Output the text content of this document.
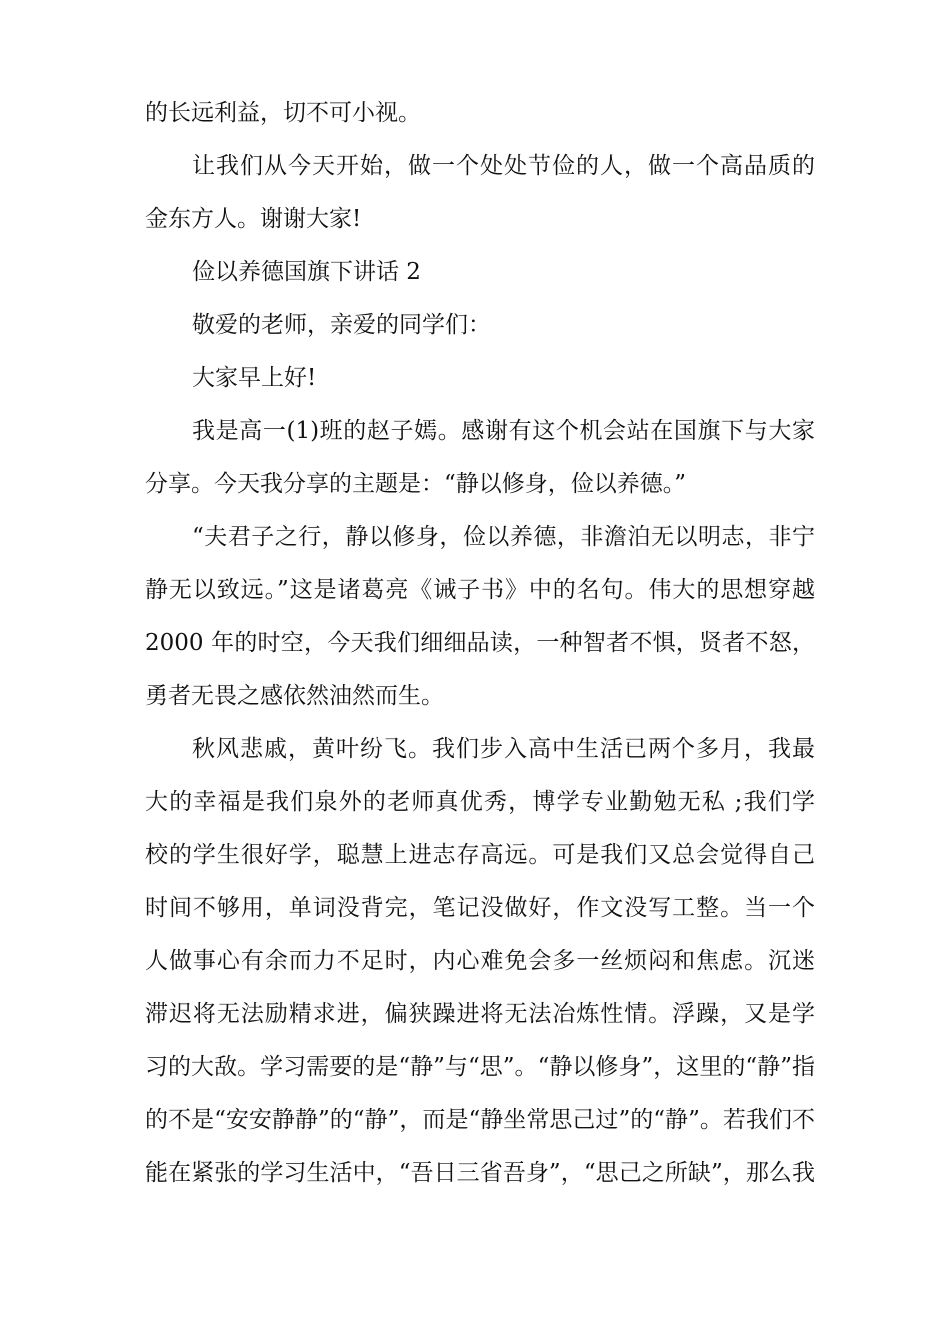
的长远利益，切不可小视。
让我们从今天开始，做一个处处节俭的人，做一个高品质的
金东方人。谢谢大家!
俭以养德国旗下讲话 2
敬爱的老师，亲爱的同学们：
大家早上好!
我是高一(1)班的赵子嫣。感谢有这个机会站在国旗下与大家
分享。今天我分享的主题是：“静以修身，俭以养德。”
“夫君子之行，静以修身，俭以养德，非澹泊无以明志，非宁
静无以致远。”这是诸葛亮《诫子书》中的名句。伟大的思想穿越
2000 年的时空，今天我们细细品读，一种智者不惧，贤者不怒，
勇者无畏之感依然油然而生。
秋风悲戚，黄叶纷飞。我们步入高中生活已两个多月，我最
大的幸福是我们泉外的老师真优秀，博学专业勤勉无私 ;我们学
校的学生很好学，聪慧上进志存高远。可是我们又总会觉得自己
时间不够用，单词没背完，笔记没做好，作文没写工整。当一个
人做事心有余而力不足时，内心难免会多一丝烦闷和焦虑。沉迷
滞迟将无法励精求进，偏狭躁进将无法冶炼性情。浮躁，又是学
习的大敌。学习需要的是“静”与“思”。“静以修身”，这里的“静”指
的不是“安安静静”的“静”，而是“静坐常思己过”的“静”。若我们不
能在紧张的学习生活中，“吾日三省吾身”，“思己之所缺”，那么我
